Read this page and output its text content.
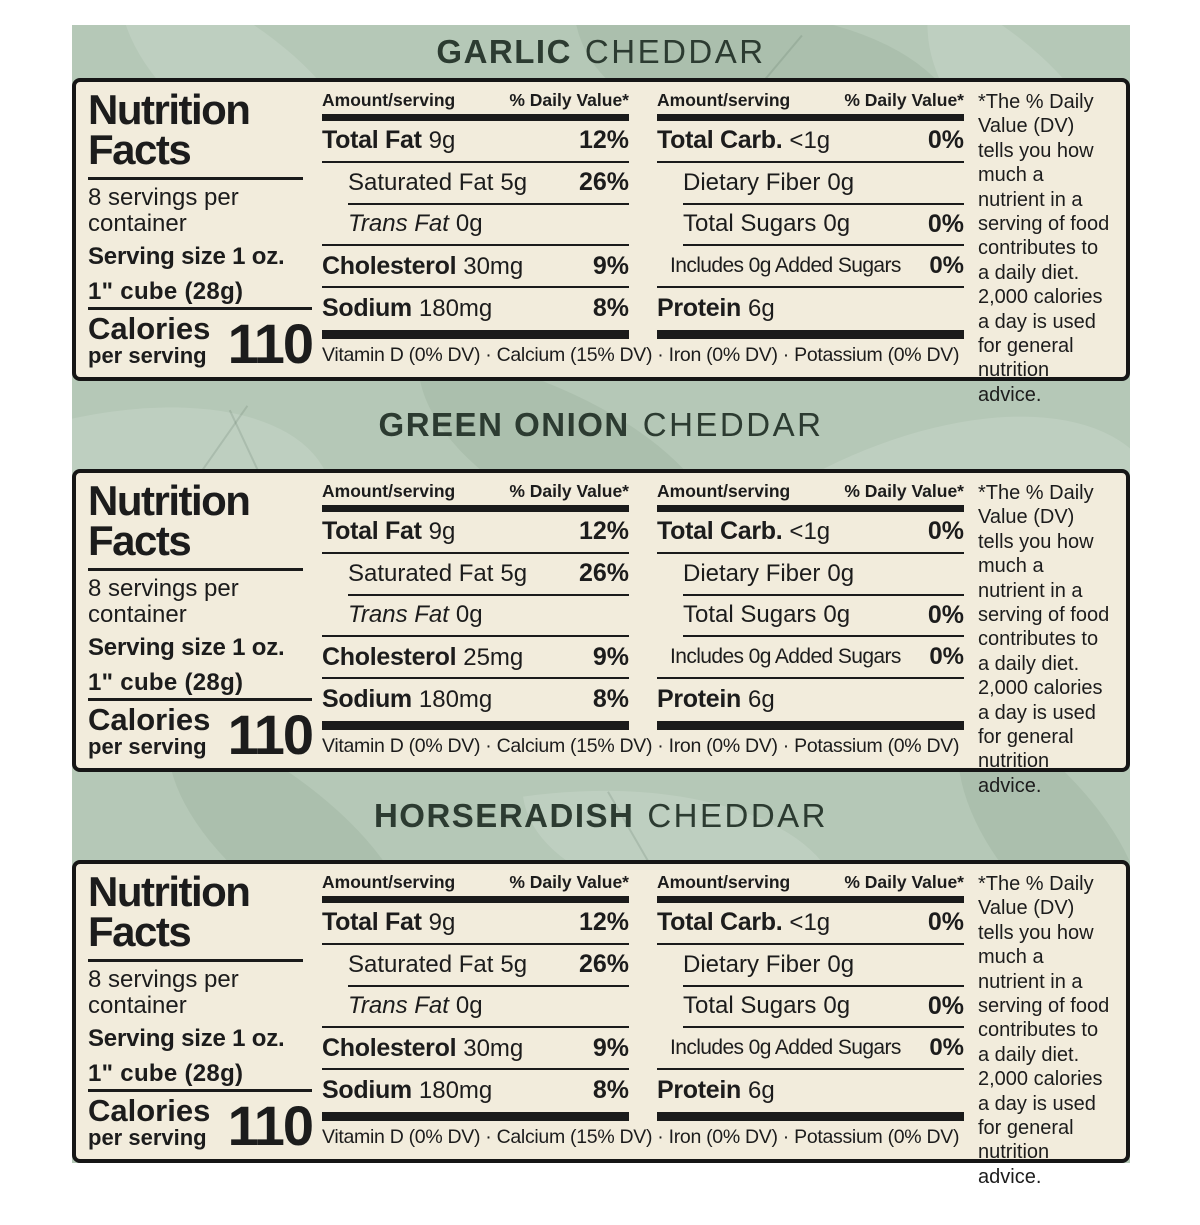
GARLIC CHEDDAR
Nutrition
Facts
8 servings per
container
Serving size 1 oz.
1" cube (28g)
Calories
per serving 110
Amount/serving	% Daily Value*
Total Fat 9g	12%
Saturated Fat 5g 26%
Trans Fat 0g
Cholesterol 30mg	9%
Sodium 180mg	8%
Amount/serving	% Daily Value*
Total Carb. <1g	0%
Dietary Fiber 0g
Total Sugars 0g	0%
Includes 0g Added Sugars 0%
Protein 6g
Vitamin D (0% DV) · Calcium (15% DV) · Iron (0% DV) · Potassium (0% DV)
*The % Daily Value (DV) tells you how much a nutrient in a serving of food contributes to a daily diet. 2,000 calories a day is used for general nutrition advice.
GREEN ONION CHEDDAR
Nutrition
Facts
8 servings per
container
Serving size 1 oz.
1" cube (28g)
Calories
per serving 110
Amount/serving	% Daily Value*
Total Fat 9g	12%
Saturated Fat 5g 26%
Trans Fat 0g
Cholesterol 25mg	9%
Sodium 180mg	8%
Amount/serving	% Daily Value*
Total Carb. <1g	0%
Dietary Fiber 0g
Total Sugars 0g	0%
Includes 0g Added Sugars 0%
Protein 6g
Vitamin D (0% DV) · Calcium (15% DV) · Iron (0% DV) · Potassium (0% DV)
*The % Daily Value (DV) tells you how much a nutrient in a serving of food contributes to a daily diet. 2,000 calories a day is used for general nutrition advice.
HORSERADISH CHEDDAR
Nutrition
Facts
8 servings per
container
Serving size 1 oz.
1" cube (28g)
Calories
per serving 110
Amount/serving	% Daily Value*
Total Fat 9g	12%
Saturated Fat 5g 26%
Trans Fat 0g
Cholesterol 30mg	9%
Sodium 180mg	8%
Amount/serving	% Daily Value*
Total Carb. <1g	0%
Dietary Fiber 0g
Total Sugars 0g	0%
Includes 0g Added Sugars 0%
Protein 6g
Vitamin D (0% DV) · Calcium (15% DV) · Iron (0% DV) · Potassium (0% DV)
*The % Daily Value (DV) tells you how much a nutrient in a serving of food contributes to a daily diet. 2,000 calories a day is used for general nutrition advice.
